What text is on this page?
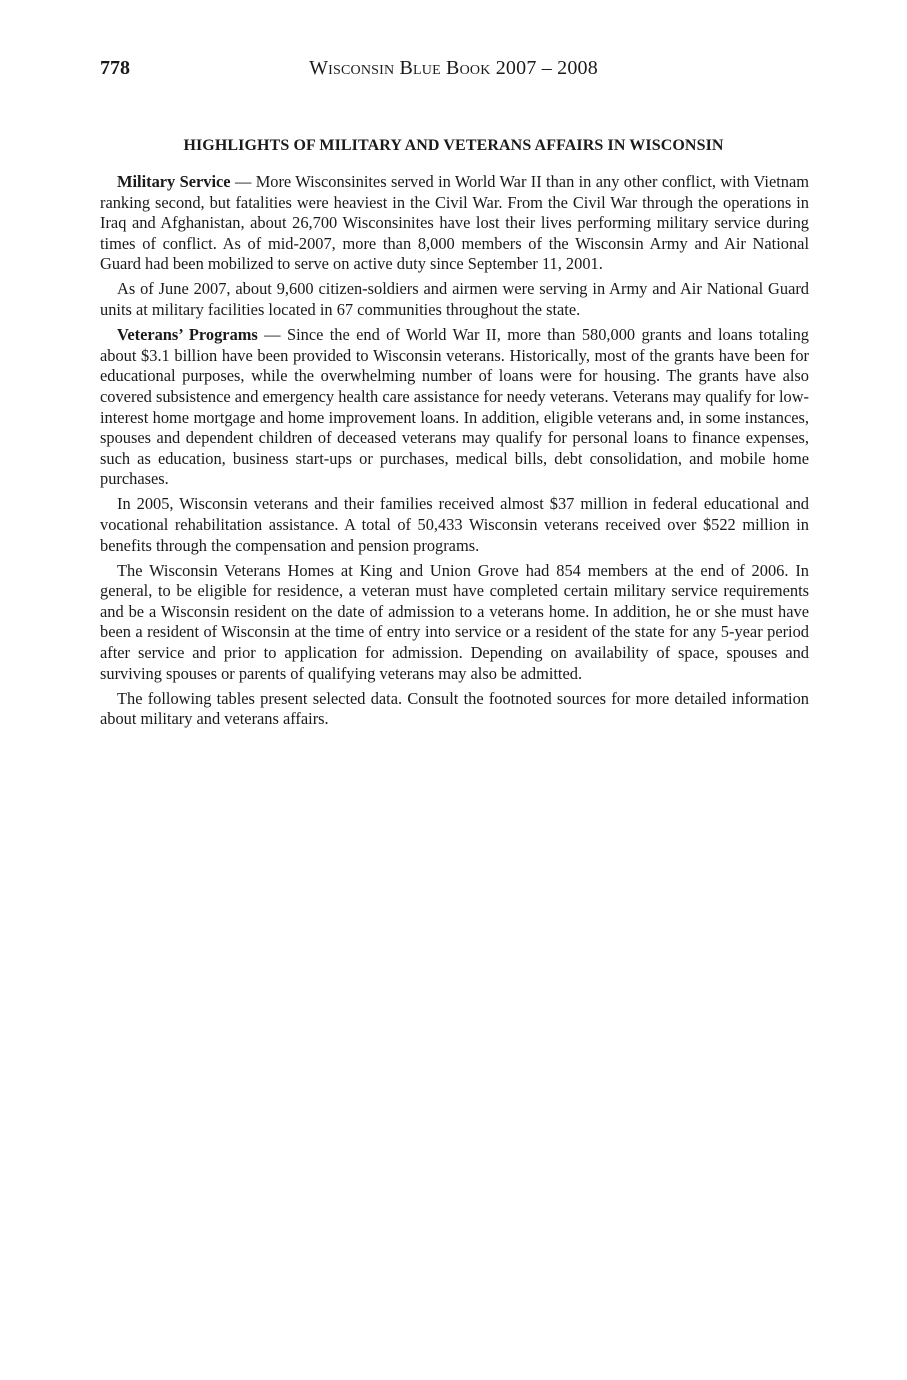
778	Wisconsin Blue Book 2007 – 2008
HIGHLIGHTS OF MILITARY AND VETERANS AFFAIRS IN WISCONSIN

Military Service — More Wisconsinites served in World War II than in any other conflict, with Vietnam ranking second, but fatalities were heaviest in the Civil War. From the Civil War through the operations in Iraq and Afghanistan, about 26,700 Wisconsinites have lost their lives performing military service during times of conflict. As of mid-2007, more than 8,000 members of the Wisconsin Army and Air National Guard had been mobilized to serve on active duty since September 11, 2001.

As of June 2007, about 9,600 citizen-soldiers and airmen were serving in Army and Air National Guard units at military facilities located in 67 communities throughout the state.

Veterans’ Programs — Since the end of World War II, more than 580,000 grants and loans totaling about $3.1 billion have been provided to Wisconsin veterans. Historically, most of the grants have been for educational purposes, while the overwhelming number of loans were for housing. The grants have also covered subsistence and emergency health care assistance for needy veterans. Veterans may qualify for low-interest home mortgage and home improvement loans. In addition, eligible veterans and, in some instances, spouses and dependent children of deceased veterans may qualify for personal loans to finance expenses, such as education, business start-ups or purchases, medical bills, debt consolidation, and mobile home purchases.

In 2005, Wisconsin veterans and their families received almost $37 million in federal educational and vocational rehabilitation assistance. A total of 50,433 Wisconsin veterans received over $522 million in benefits through the compensation and pension programs.

The Wisconsin Veterans Homes at King and Union Grove had 854 members at the end of 2006. In general, to be eligible for residence, a veteran must have completed certain military service requirements and be a Wisconsin resident on the date of admission to a veterans home. In addition, he or she must have been a resident of Wisconsin at the time of entry into service or a resident of the state for any 5-year period after service and prior to application for admission. Depending on availability of space, spouses and surviving spouses or parents of qualifying veterans may also be admitted.

The following tables present selected data. Consult the footnoted sources for more detailed information about military and veterans affairs.
